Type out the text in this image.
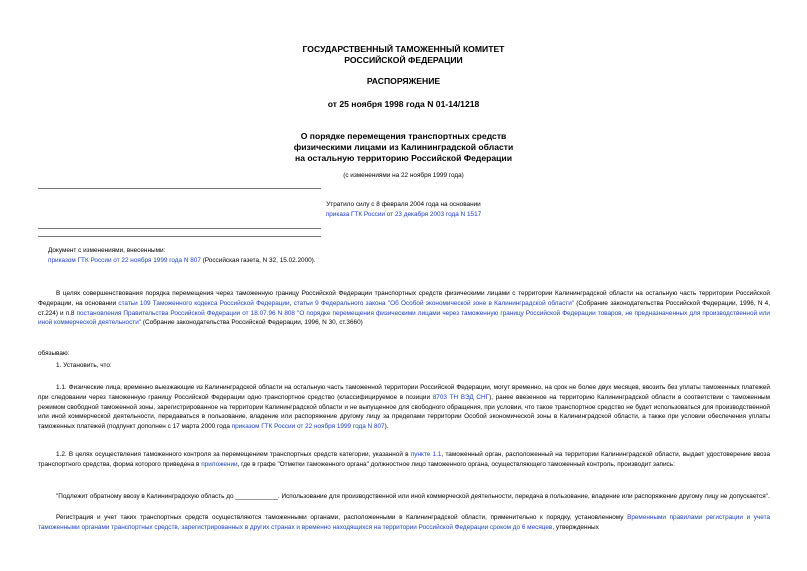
ГОСУДАРСТВЕННЫЙ ТАМОЖЕННЫЙ КОМИТЕТ
РОССИЙСКОЙ ФЕДЕРАЦИИ
РАСПОРЯЖЕНИЕ
от 25 ноября 1998 года N 01-14/1218
О порядке перемещения транспортных средств
физическими лицами из Калининградской области
на остальную территорию Российской Федерации
(с изменениями на 22 ноября 1999 года)
Утратило силу с 8 февраля 2004 года на основании
приказа ГТК России от 23 декабря 2003 года N 1517
Документ с изменениями, внесенными:
приказом ГТК России от 22 ноября 1999 года N 807 (Российская газета, N 32, 15.02.2000).
В целях совершенствования порядка перемещения через таможенную границу Российской Федерации транспортных средств физическими лицами с территории Калининградской области на остальную часть территории Российской Федерации, на основании статьи 109 Таможенного кодекса Российской Федерации, статьи 9 Федерального закона "Об Особой экономической зоне в Калининградской области" (Собрание законодательства Российской Федерации, 1996, N 4, ст.224) и п.8 постановления Правительства Российской Федерации от 18.07.96 N 808 "О порядке перемещения физическими лицами через таможенную границу Российской Федерации товаров, не предназначенных для производственной или иной коммерческой деятельности" (Собрание законодательства Российской Федерации, 1996, N 30, ст.3660)
обязываю:
1. Установить, что:
1.1. Физические лица, временно выезжающие из Калининградской области на остальную часть таможенной территории Российской Федерации, могут временно, на срок не более двух месяцев, ввозить без уплаты таможенных платежей при следовании через таможенную границу Российской Федерации одно транспортное средство (классифицируемое в позиции 8703 ТН ВЭД СНГ), ранее ввезенное на территорию Калининградской области в соответствии с таможенным режимом свободной таможенной зоны, зарегистрированное на территории Калининградской области и не выпущенное для свободного обращения, при условии, что такое транспортное средство не будет использоваться для производственной или иной коммерческой деятельности, передаваться в пользование, владение или распоряжение другому лицу за пределами территории Особой экономической зоны в Калининградской области, а также при условии обеспечения уплаты таможенных платежей (подпункт дополнен с 17 марта 2000 года приказом ГТК России от 22 ноября 1999 года N 807).
1.2. В целях осуществления таможенного контроля за перемещением транспортных средств категории, указанной в пункте 1.1, таможенный орган, расположенный на территории Калининградской области, выдает удостоверение ввоза транспортного средства, форма которого приведена в приложении, где в графе "Отметки таможенного органа" должностное лицо таможенного органа, осуществляющего таможенный контроль, производит запись:
"Подлежит обратному ввозу в Калининградскую область до ____________. Использование для производственной или иной коммерческой деятельности, передача в пользование, владение или распоряжение другому лицу не допускается".
Регистрация и учет таких транспортных средств осуществляются таможенными органами, расположенными в Калининградской области, применительно к порядку, установленному Временными правилами регистрации и учета таможенными органами транспортных средств, зарегистрированных в других странах и временно находящихся на территории Российской Федерации сроком до 6 месяцев, утвержденных
